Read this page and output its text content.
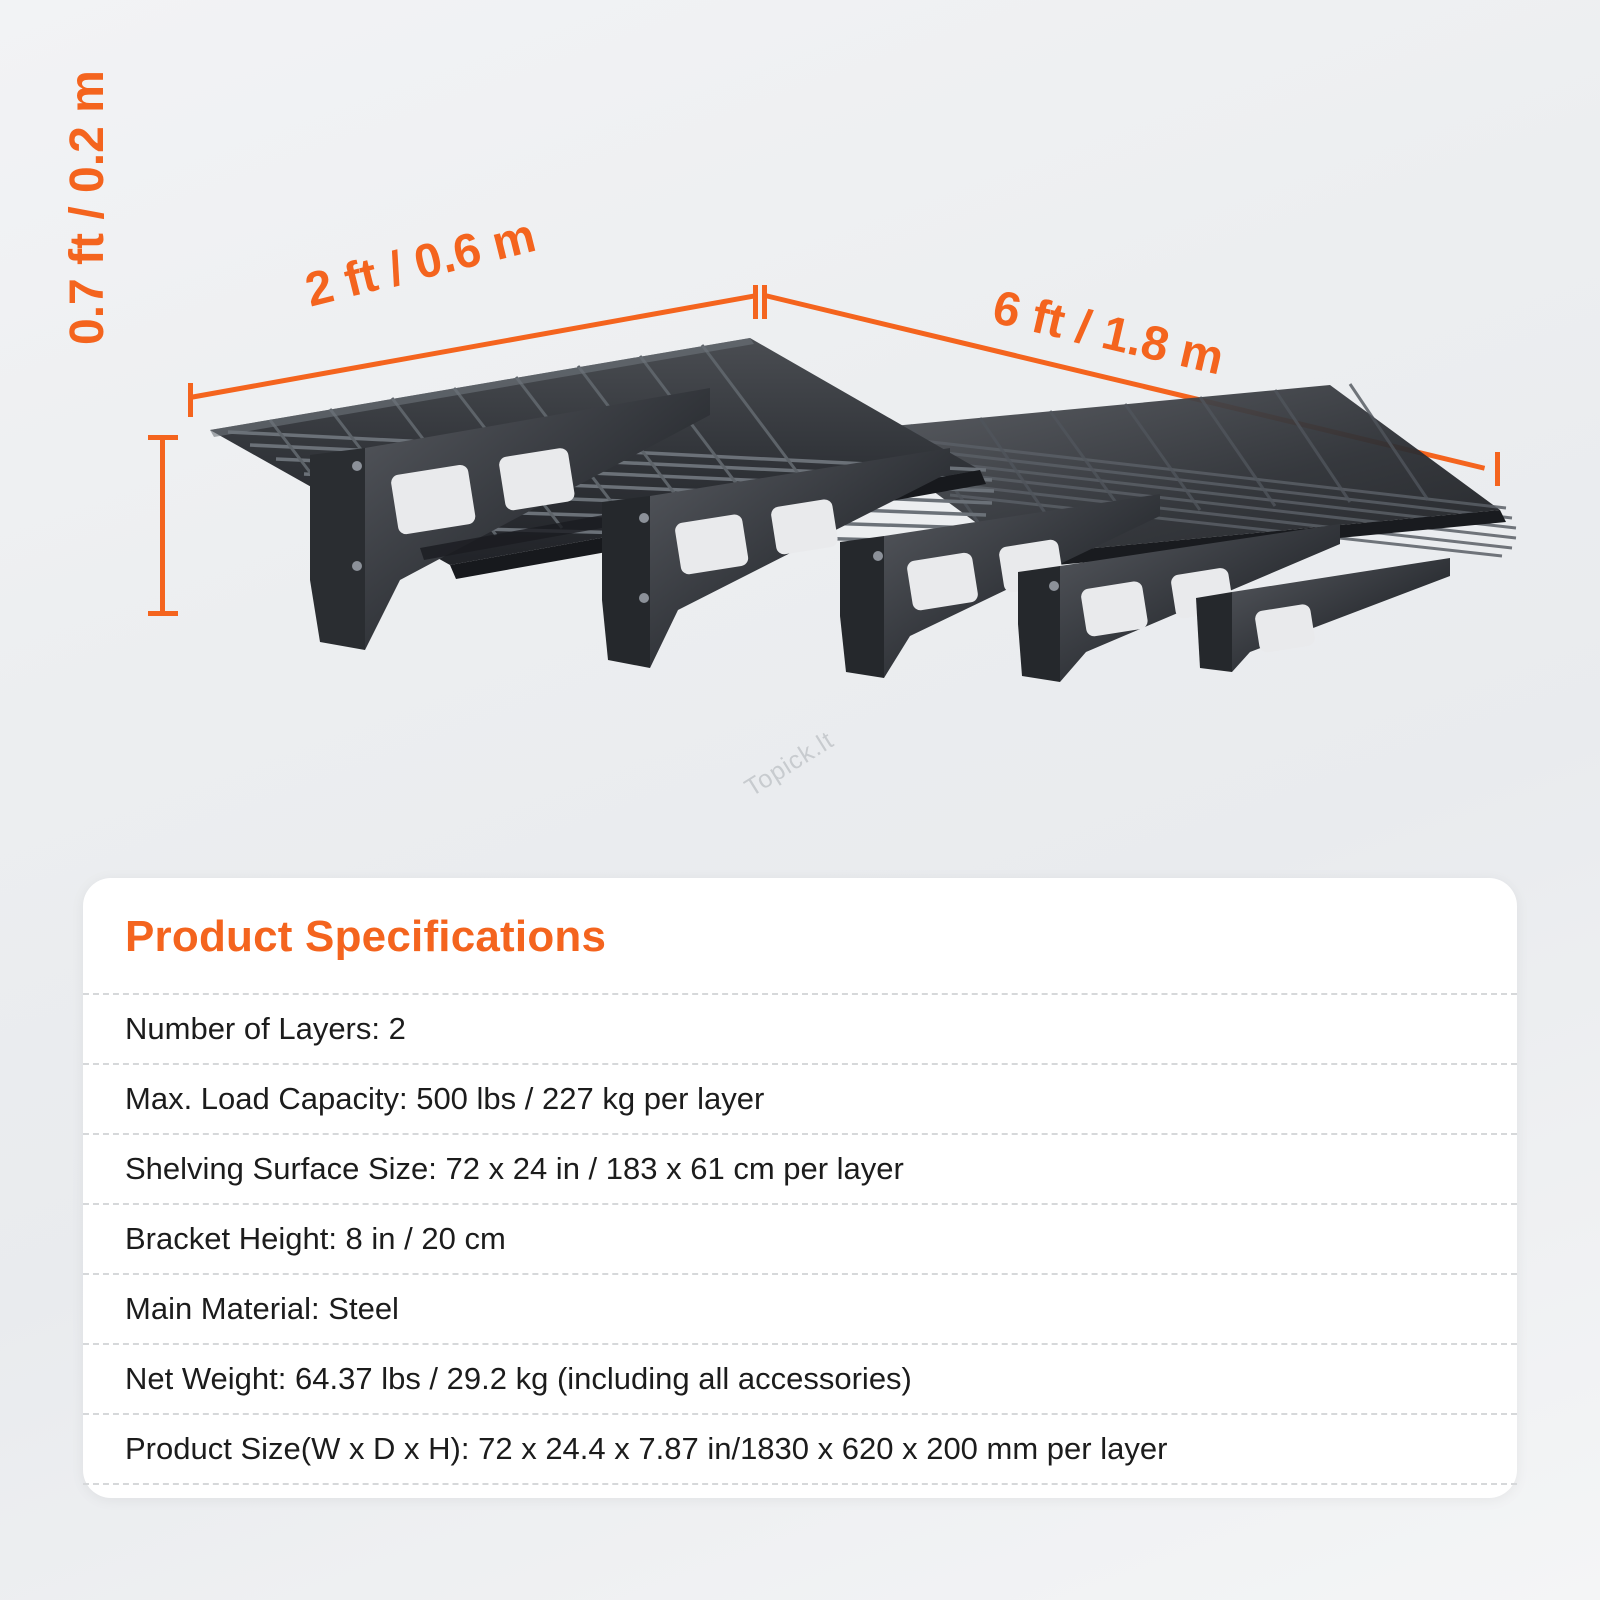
2 ft / 0.6 m
6 ft / 1.8 m
0.7 ft / 0.2 m
Topick.lt
Product Specifications
Number of Layers: 2
Max. Load Capacity: 500 lbs / 227 kg per layer
Shelving Surface Size: 72 x 24 in / 183 x 61 cm per layer
Bracket Height: 8 in / 20 cm
Main Material: Steel
Net Weight: 64.37 lbs / 29.2 kg (including all accessories)
Product Size(W x D x H): 72 x 24.4 x 7.87 in/1830 x 620 x 200 mm per layer
